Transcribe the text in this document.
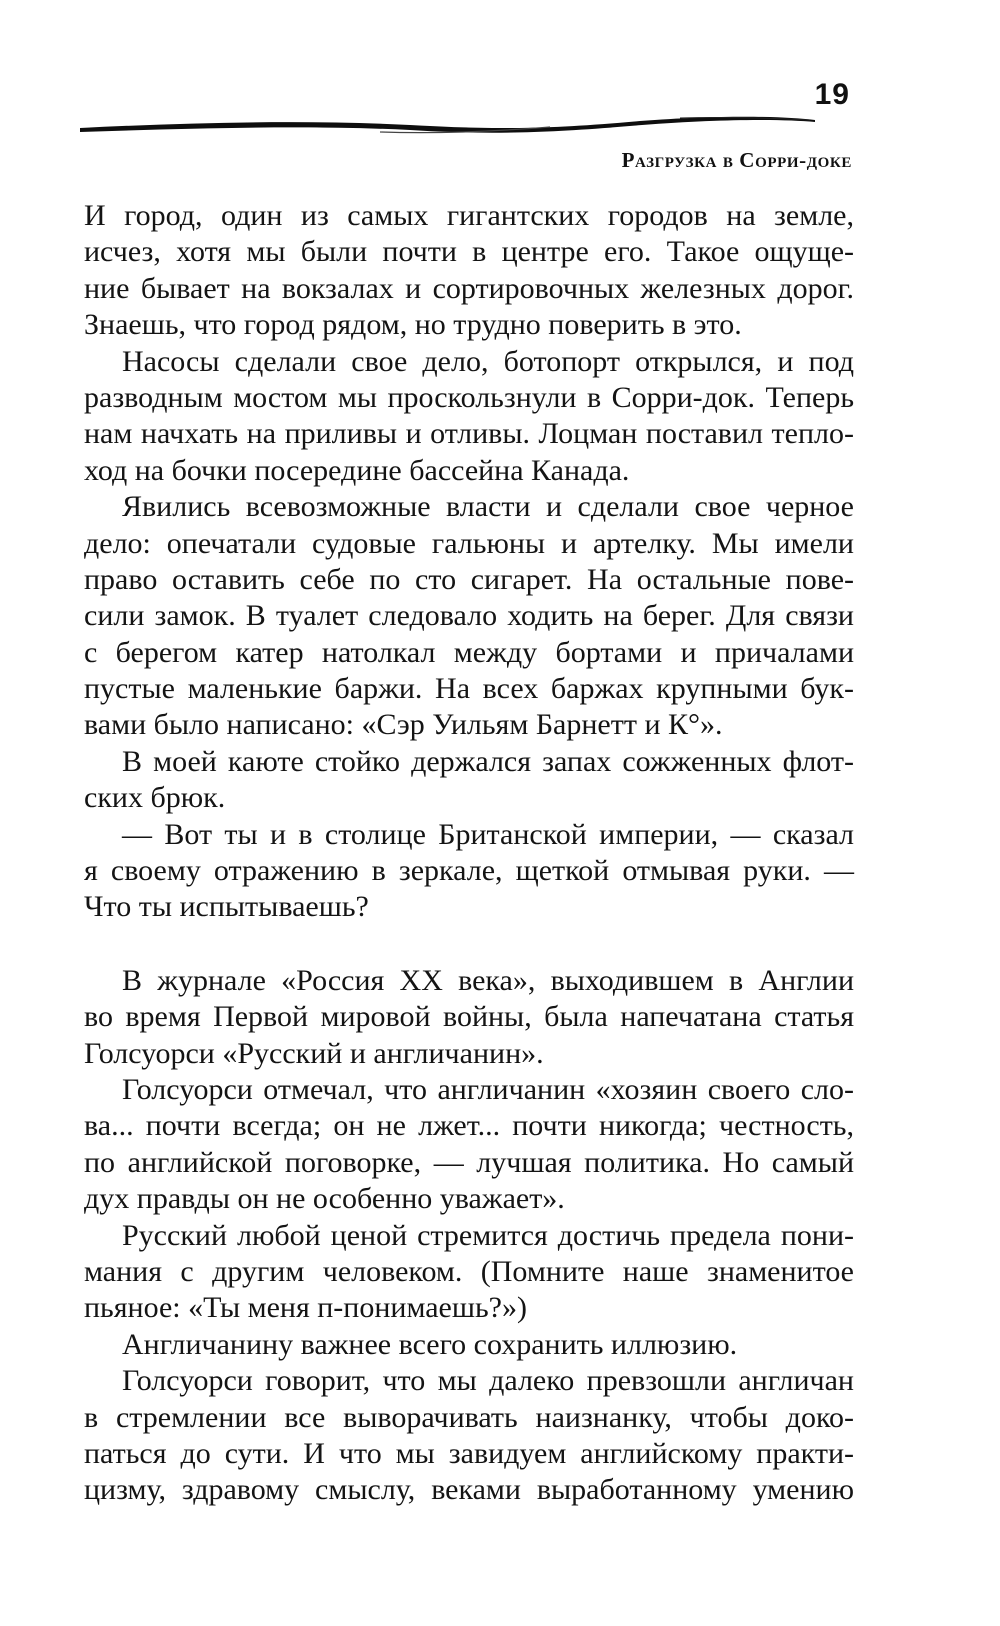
19
Разгрузка в Сорри-доке
И город, один из самых гигантских городов на земле,
исчез, хотя мы были почти в центре его. Такое ощуще-
ние бывает на вокзалах и сортировочных железных дорог.
Знаешь, что город рядом, но трудно поверить в это.
Насосы сделали свое дело, ботопорт открылся, и под
разводным мостом мы проскользнули в Сорри-док. Теперь
нам начхать на приливы и отливы. Лоцман поставил тепло-
ход на бочки посередине бассейна Канада.
Явились всевозможные власти и сделали свое черное
дело: опечатали судовые гальюны и артелку. Мы имели
право оставить себе по сто сигарет. На остальные пове-
сили замок. В туалет следовало ходить на берег. Для связи
с берегом катер натолкал между бортами и причалами
пустые маленькие баржи. На всех баржах крупными бук-
вами было написано: «Сэр Уильям Барнетт и К°».
В моей каюте стойко держался запах сожженных флот-
ских брюк.
— Вот ты и в столице Британской империи, — сказал
я своему отражению в зеркале, щеткой отмывая руки. —
Что ты испытываешь?
В журнале «Россия XX века», выходившем в Англии
во время Первой мировой войны, была напечатана статья
Голсуорси «Русский и англичанин».
Голсуорси отмечал, что англичанин «хозяин своего сло-
ва... почти всегда; он не лжет... почти никогда; честность,
по английской поговорке, — лучшая политика. Но самый
дух правды он не особенно уважает».
Русский любой ценой стремится достичь предела пони-
мания с другим человеком. (Помните наше знаменитое
пьяное: «Ты меня п-понимаешь?»)
Англичанину важнее всего сохранить иллюзию.
Голсуорси говорит, что мы далеко превзошли англичан
в стремлении все выворачивать наизнанку, чтобы доко-
паться до сути. И что мы завидуем английскому практи-
цизму, здравому смыслу, веками выработанному умению
